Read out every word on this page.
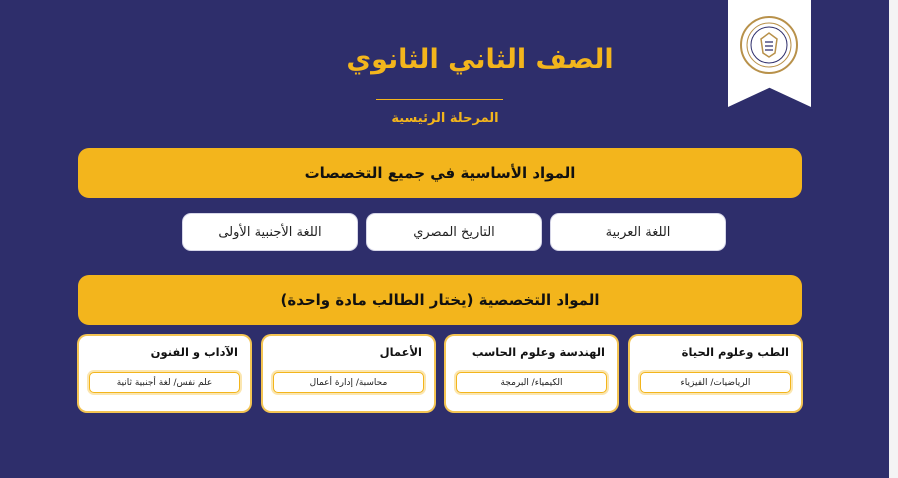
الصف الثاني الثانوي
المرحلة الرئيسية
المواد الأساسية في جميع التخصصات
اللغة العربية
التاريخ المصري
اللغة الأجنبية الأولى
المواد التخصصية (يختار الطالب مادة واحدة)
الطب وعلوم الحياة
الرياضيات/ الفيزياء
الهندسة وعلوم الحاسب
الكيمياء/ البرمجة
الأعمال
محاسبة/ إدارة أعمال
الآداب و الفنون
علم نفس/ لغة أجنبية ثانية
